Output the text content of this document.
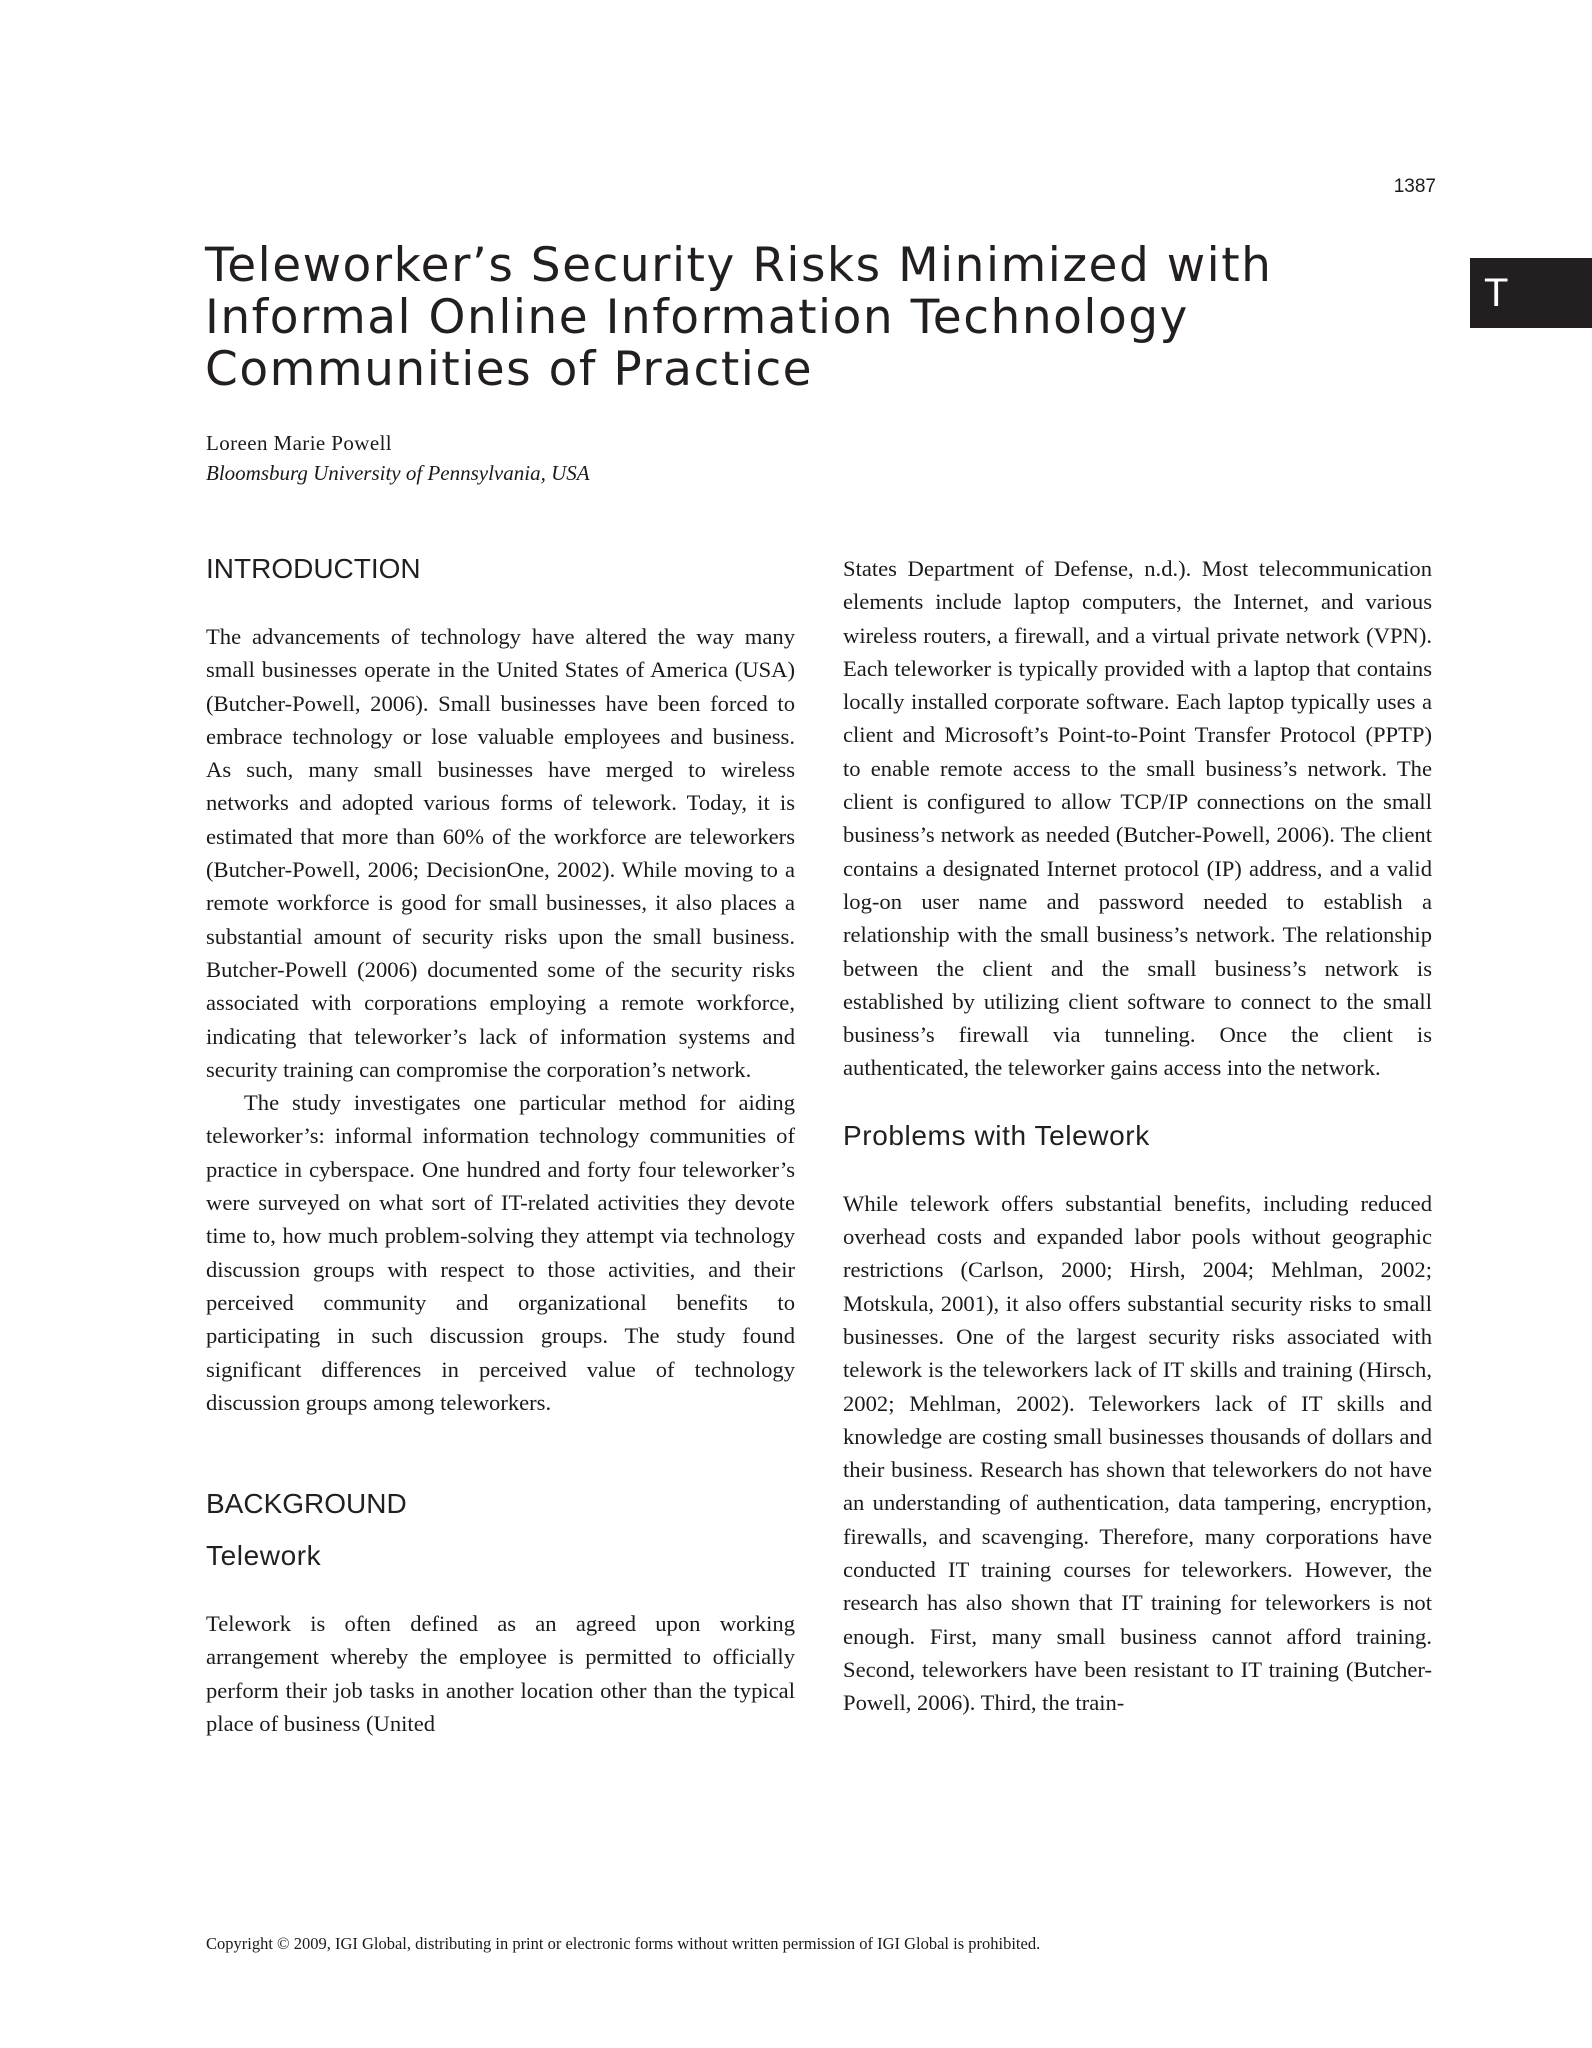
1387
T
Teleworker’s Security Risks Minimized with
Informal Online Information Technology
Communities of Practice
Loreen Marie Powell
Bloomsburg University of Pennsylvania, USA
INTRODUCTION

The advancements of technology have altered the way many small businesses operate in the United States of America (USA) (Butcher-Powell, 2006). Small businesses have been forced to embrace technology or lose valuable employees and business. As such, many small businesses have merged to wireless networks and adopted various forms of telework. Today, it is estimated that more than 60% of the workforce are teleworkers (Butcher-Powell, 2006; DecisionOne, 2002). While moving to a remote workforce is good for small businesses, it also places a substantial amount of security risks upon the small business. Butcher-Powell (2006) documented some of the security risks associated with corporations employing a remote workforce, indicating that teleworker’s lack of information systems and security training can compromise the corporation’s network.

The study investigates one particular method for aiding teleworker’s: informal information technology communities of practice in cyberspace. One hundred and forty four teleworker’s were surveyed on what sort of IT-related activities they devote time to, how much problem-solving they attempt via technology discussion groups with respect to those activities, and their perceived community and organizational benefits to participating in such discussion groups. The study found significant differences in perceived value of technology discussion groups among teleworkers.

BACKGROUND
Telework

Telework is often defined as an agreed upon working arrangement whereby the employee is permitted to officially perform their job tasks in another location other than the typical place of business (United

States Department of Defense, n.d.). Most telecommunication elements include laptop computers, the Internet, and various wireless routers, a firewall, and a virtual private network (VPN). Each teleworker is typically provided with a laptop that contains locally installed corporate software. Each laptop typically uses a client and Microsoft’s Point-to-Point Transfer Protocol (PPTP) to enable remote access to the small business’s network. The client is configured to allow TCP/IP connections on the small business’s network as needed (Butcher-Powell, 2006). The client contains a designated Internet protocol (IP) address, and a valid log-on user name and password needed to establish a relationship with the small business’s network. The relationship between the client and the small business’s network is established by utilizing client software to connect to the small business’s firewall via tunneling. Once the client is authenticated, the teleworker gains access into the network.

Problems with Telework

While telework offers substantial benefits, including reduced overhead costs and expanded labor pools without geographic restrictions (Carlson, 2000; Hirsh, 2004; Mehlman, 2002; Motskula, 2001), it also offers substantial security risks to small businesses. One of the largest security risks associated with telework is the teleworkers lack of IT skills and training (Hirsch, 2002; Mehlman, 2002). Teleworkers lack of IT skills and knowledge are costing small businesses thousands of dollars and their business. Research has shown that teleworkers do not have an understanding of authentication, data tampering, encryption, firewalls, and scavenging. Therefore, many corporations have conducted IT training courses for teleworkers. However, the research has also shown that IT training for teleworkers is not enough. First, many small business cannot afford training. Second, teleworkers have been resistant to IT training (Butcher-Powell, 2006). Third, the train-

Copyright © 2009, IGI Global, distributing in print or electronic forms without written permission of IGI Global is prohibited.
